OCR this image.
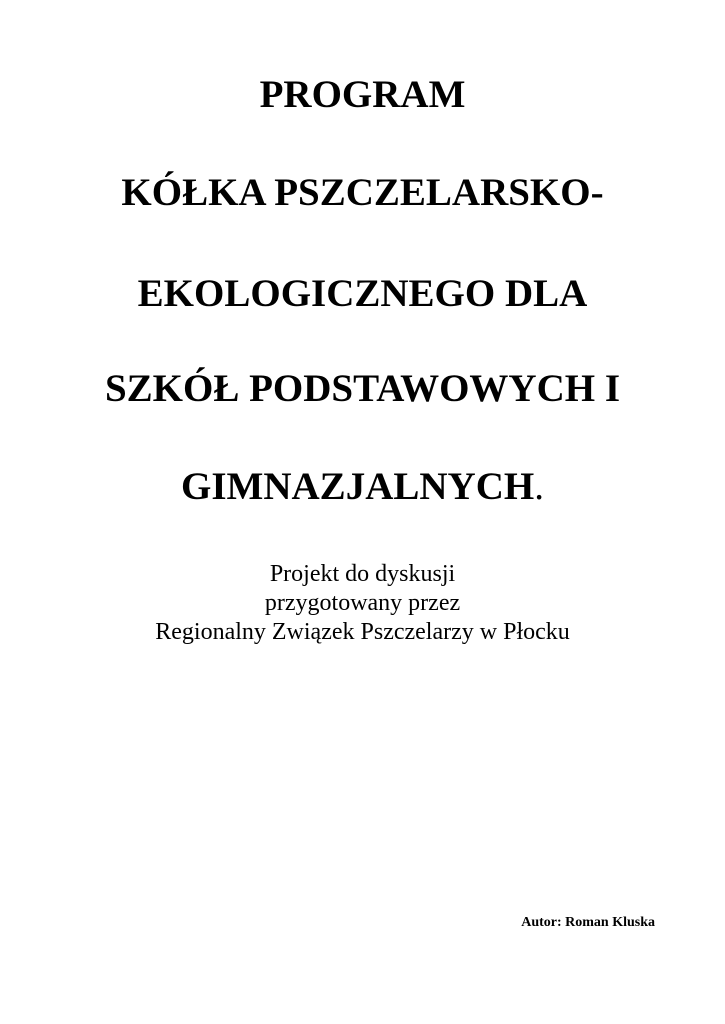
PROGRAM
KÓŁKA PSZCZELARSKO-
EKOLOGICZNEGO DLA
SZKÓŁ PODSTAWOWYCH I
GIMNAZJALNYCH.
Projekt do dyskusji
przygotowany przez
Regionalny Związek Pszczelarzy w Płocku
Autor: Roman Kluska
